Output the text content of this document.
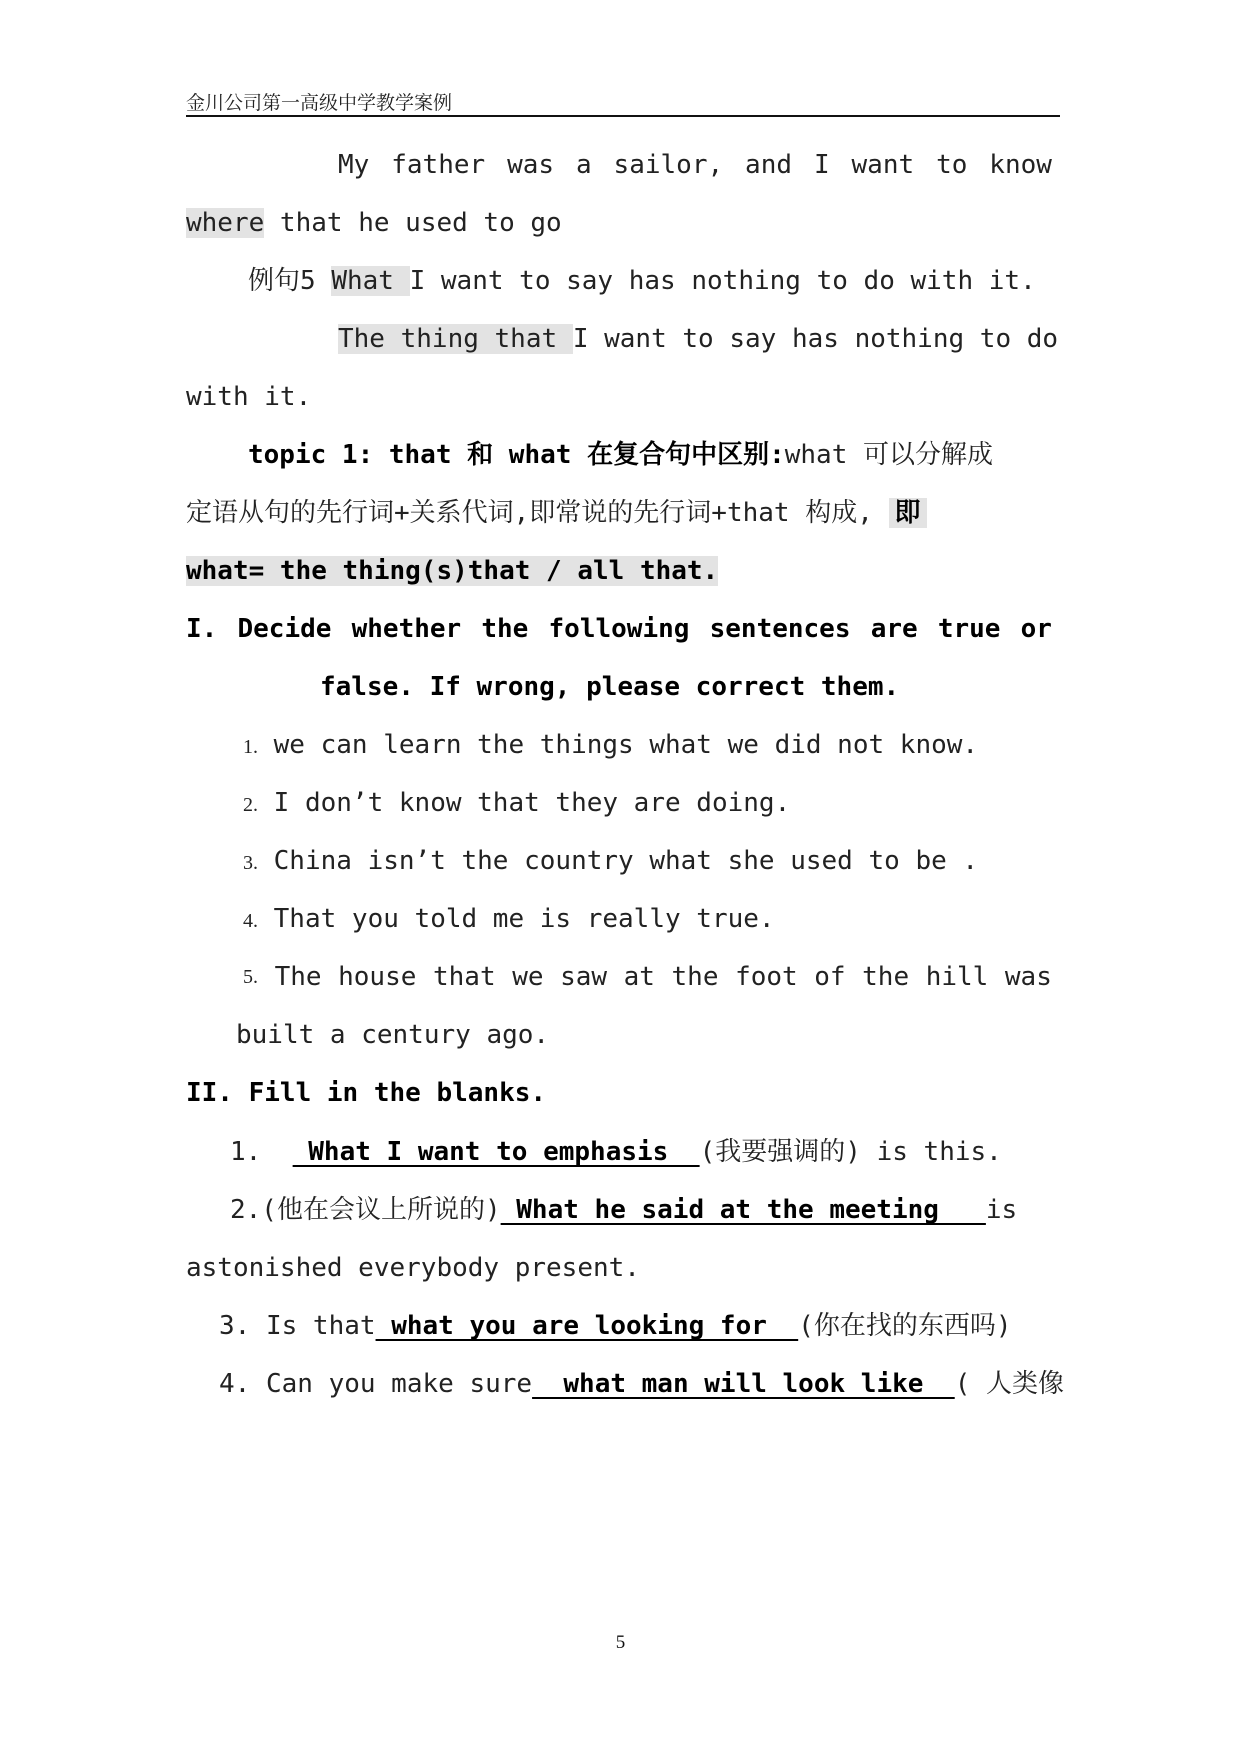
金川公司第一高级中学教学案例
My father was a sailor, and I want to know
where that he used to go
例句5 What I want to say has nothing to do with it.
The thing that I want to say has nothing to do
with it.
topic 1: that 和 what 在复合句中区别:what 可以分解成
定语从句的先行词+关系代词,即常说的先行词+that 构成, 即
what= the thing(s)that / all that.
I. Decide whether the following sentences are true or
false. If wrong, please correct them.
1. we can learn the things what we did not know.
2. I don’t know that they are doing.
3. China isn’t the country what she used to be .
4. That you told me is really true.
5. The house that we saw at the foot of the hill was
built a century ago.
II. Fill in the blanks.
1.   What I want to emphasis  (我要强调的) is this.
2.(他在会议上所说的) What he said at the meeting   is
astonished everybody present.
3. Is that what you are looking for  (你在找的东西吗)
4. Can you make sure  what man will look like  ( 人类像
5
